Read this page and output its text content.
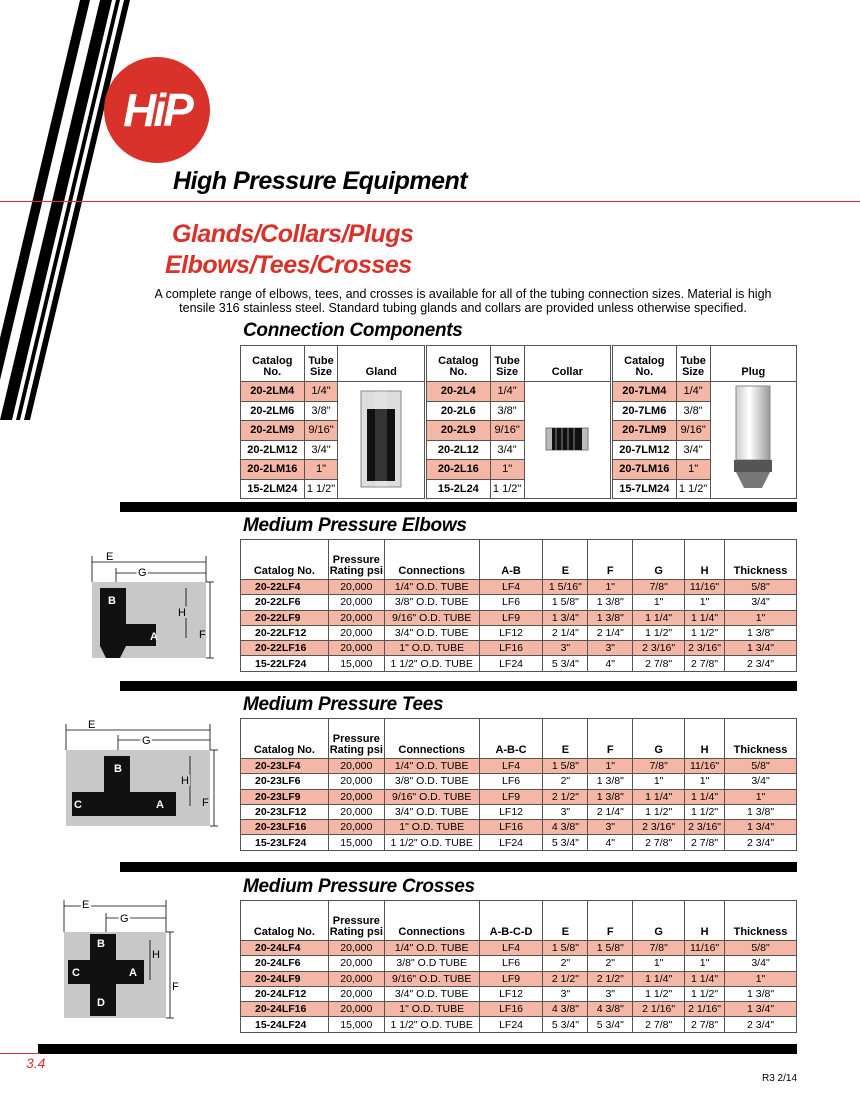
HiP
High Pressure Equipment
Glands/Collars/Plugs
Elbows/Tees/Crosses
A complete range of elbows, tees, and crosses is available for all of the tubing connection sizes. Material is high tensile 316 stainless steel. Standard tubing glands and collars are provided unless otherwise specified.
Connection Components
Catalog No.	Tube Size	Gland
20-2LM4	1/4"	
20-2LM6	3/8"	
20-2LM9	9/16"	
20-2LM12	3/4"	
20-2LM16	1"	
15-2LM24	1 1/2"	
Catalog No.	Tube Size	Collar
20-2L4	1/4"	
20-2L6	3/8"	
20-2L9	9/16"	
20-2L12	3/4"	
20-2L16	1"	
15-2L24	1 1/2"	
Catalog No.	Tube Size	Plug
20-7LM4	1/4"	
20-7LM6	3/8"	
20-7LM9	9/16"	
20-7LM12	3/4"	
20-7LM16	1"	
15-7LM24	1 1/2"	
Medium Pressure Elbows
E
G
B
A
H
F
Catalog No.	Pressure Rating psi	Connections	A-B	E	F	G	H	Thickness
20-22LF4	20,000	1/4" O.D. TUBE	LF4	1 5/16"	1"	7/8"	11/16"	5/8"
20-22LF6	20,000	3/8" O.D. TUBE	LF6	1 5/8"	1 3/8"	1"	1"	3/4"
20-22LF9	20,000	9/16" O.D. TUBE	LF9	1 3/4"	1 3/8"	1 1/4"	1 1/4"	1"
20-22LF12	20,000	3/4" O.D. TUBE	LF12	2 1/4"	2 1/4"	1 1/2"	1 1/2"	1 3/8"
20-22LF16	20,000	1" O.D. TUBE	LF16	3"	3"	2 3/16"	2 3/16"	1 3/4"
15-22LF24	15,000	1 1/2" O.D. TUBE	LF24	5 3/4"	4"	2 7/8"	2 7/8"	2 3/4"
Medium Pressure Tees
E
G
B
C	A
H
F
Catalog No.	Pressure Rating psi	Connections	A-B-C	E	F	G	H	Thickness
20-23LF4	20,000	1/4" O.D. TUBE	LF4	1 5/8"	1"	7/8"	11/16"	5/8"
20-23LF6	20,000	3/8" O.D. TUBE	LF6	2"	1 3/8"	1"	1"	3/4"
20-23LF9	20,000	9/16" O.D. TUBE	LF9	2 1/2"	1 3/8"	1 1/4"	1 1/4"	1"
20-23LF12	20,000	3/4" O.D. TUBE	LF12	3"	2 1/4"	1 1/2"	1 1/2"	1 3/8"
20-23LF16	20,000	1" O.D. TUBE	LF16	4 3/8"	3"	2 3/16"	2 3/16"	1 3/4"
15-23LF24	15,000	1 1/2" O.D. TUBE	LF24	5 3/4"	4"	2 7/8"	2 7/8"	2 3/4"
Medium Pressure Crosses
E
G
B
C	A
D
H
F
Catalog No.	Pressure Rating psi	Connections	A-B-C-D	E	F	G	H	Thickness
20-24LF4	20,000	1/4" O.D. TUBE	LF4	1 5/8"	1 5/8"	7/8"	11/16"	5/8"
20-24LF6	20,000	3/8" O.D TUBE	LF6	2"	2"	1"	1"	3/4"
20-24LF9	20,000	9/16" O.D. TUBE	LF9	2 1/2"	2 1/2"	1 1/4"	1 1/4"	1"
20-24LF12	20,000	3/4" O.D. TUBE	LF12	3"	3"	1 1/2"	1 1/2"	1 3/8"
20-24LF16	20,000	1" O.D. TUBE	LF16	4 3/8"	4 3/8"	2 1/16"	2 1/16"	1 3/4"
15-24LF24	15,000	1 1/2" O.D. TUBE	LF24	5 3/4"	5 3/4"	2 7/8"	2 7/8"	2 3/4"
3.4
R3 2/14
